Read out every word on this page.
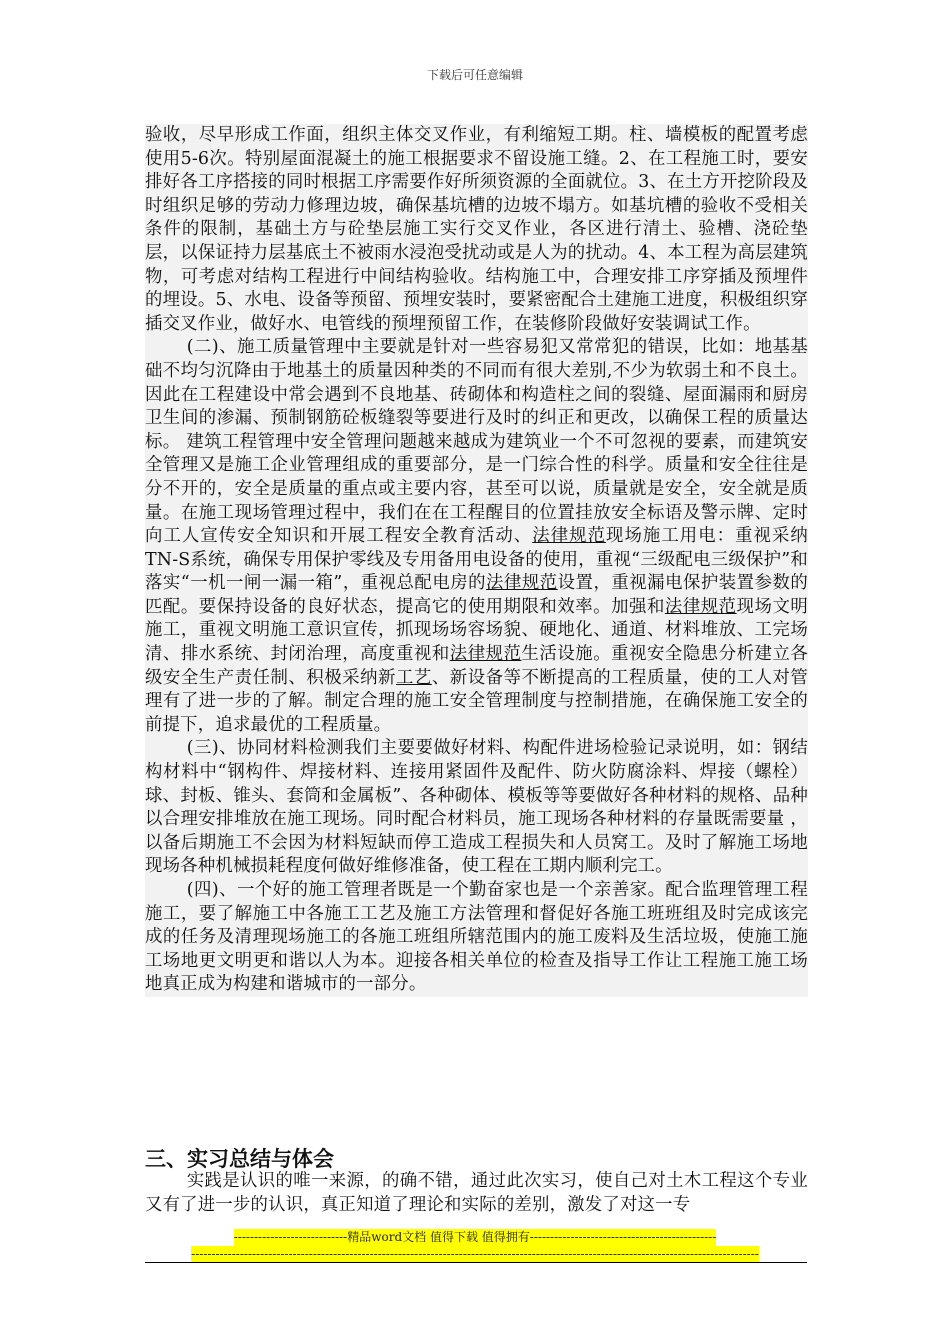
下载后可任意编辑

验收，尽早形成工作面，组织主体交叉作业，有利缩短工期。柱、墙模板的配置考虑使用5-6次。特别屋面混凝土的施工根据要求不留设施工缝。2、在工程施工时，要安排好各工序搭接的同时根据工序需要作好所须资源的全面就位。3、在土方开挖阶段及时组织足够的劳动力修理边坡，确保基坑槽的边坡不塌方。如基坑槽的验收不受相关条件的限制，基础土方与砼垫层施工实行交叉作业，各区进行清土、验槽、浇砼垫层，以保证持力层基底土不被雨水浸泡受扰动或是人为的扰动。4、本工程为高层建筑物，可考虑对结构工程进行中间结构验收。结构施工中，合理安排工序穿插及预埋件的埋设。5、水电、设备等预留、预埋安装时，要紧密配合土建施工进度，积极组织穿插交叉作业，做好水、电管线的预埋预留工作，在装修阶段做好安装调试工作。

(二)、施工质量管理中主要就是针对一些容易犯又常常犯的错误，比如：地基基础不均匀沉降由于地基土的质量因种类的不同而有很大差别,不少为软弱土和不良土。因此在工程建设中常会遇到不良地基、砖砌体和构造柱之间的裂缝、屋面漏雨和厨房卫生间的渗漏、预制钢筋砼板缝裂等要进行及时的纠正和更改，以确保工程的质量达标。 建筑工程管理中安全管理问题越来越成为建筑业一个不可忽视的要素，而建筑安全管理又是施工企业管理组成的重要部分，是一门综合性的科学。质量和安全往往是分不开的，安全是质量的重点或主要内容，甚至可以说，质量就是安全，安全就是质量。在施工现场管理过程中，我们在在工程醒目的位置挂放安全标语及警示牌、定时向工人宣传安全知识和开展工程安全教育活动、法律规范现场施工用电：重视采纳TN-S系统，确保专用保护零线及专用备用电设备的使用，重视“三级配电三级保护”和落实“一机一闸一漏一箱”，重视总配电房的法律规范设置，重视漏电保护装置参数的匹配。要保持设备的良好状态，提高它的使用期限和效率。加强和法律规范现场文明施工，重视文明施工意识宣传，抓现场场容场貌、硬地化、通道、材料堆放、工完场清、排水系统、封闭治理，高度重视和法律规范生活设施。重视安全隐患分析建立各级安全生产责任制、积极采纳新工艺、新设备等不断提高的工程质量，使的工人对管理有了进一步的了解。制定合理的施工安全管理制度与控制措施，在确保施工安全的前提下，追求最优的工程质量。

(三)、协同材料检测我们主要要做好材料、构配件进场检验记录说明，如：钢结构材料中“钢构件、焊接材料、连接用紧固件及配件、防火防腐涂料、焊接（螺栓）球、封板、锥头、套筒和金属板”、各种砌体、模板等等要做好各种材料的规格、品种 以合理安排堆放在施工现场。同时配合材料员，施工现场各种材料的存量既需要量 ，以备后期施工不会因为材料短缺而停工造成工程损失和人员窝工。及时了解施工场地现场各种机械损耗程度何做好维修准备，使工程在工期内顺利完工。

(四)、一个好的施工管理者既是一个勤奋家也是一个亲善家。配合监理管理工程施工，要了解施工中各施工工艺及施工方法管理和督促好各施工班班组及时完成该完成的任务及清理现场施工的各施工班组所辖范围内的施工废料及生活垃圾，使施工施工场地更文明更和谐以人为本。迎接各相关单位的检查及指导工作让工程施工施工场地真正成为构建和谐城市的一部分。

三、实习总结与体会

实践是认识的唯一来源，的确不错，通过此次实习，使自己对土木工程这个专业又有了进一步的认识，真正知道了理论和实际的差别，激发了对这一专

----------------------------精品word文档 值得下载 值得拥有----------------------------------------------
--------------------------------------------------------------------------------------------------------------------------------------------
